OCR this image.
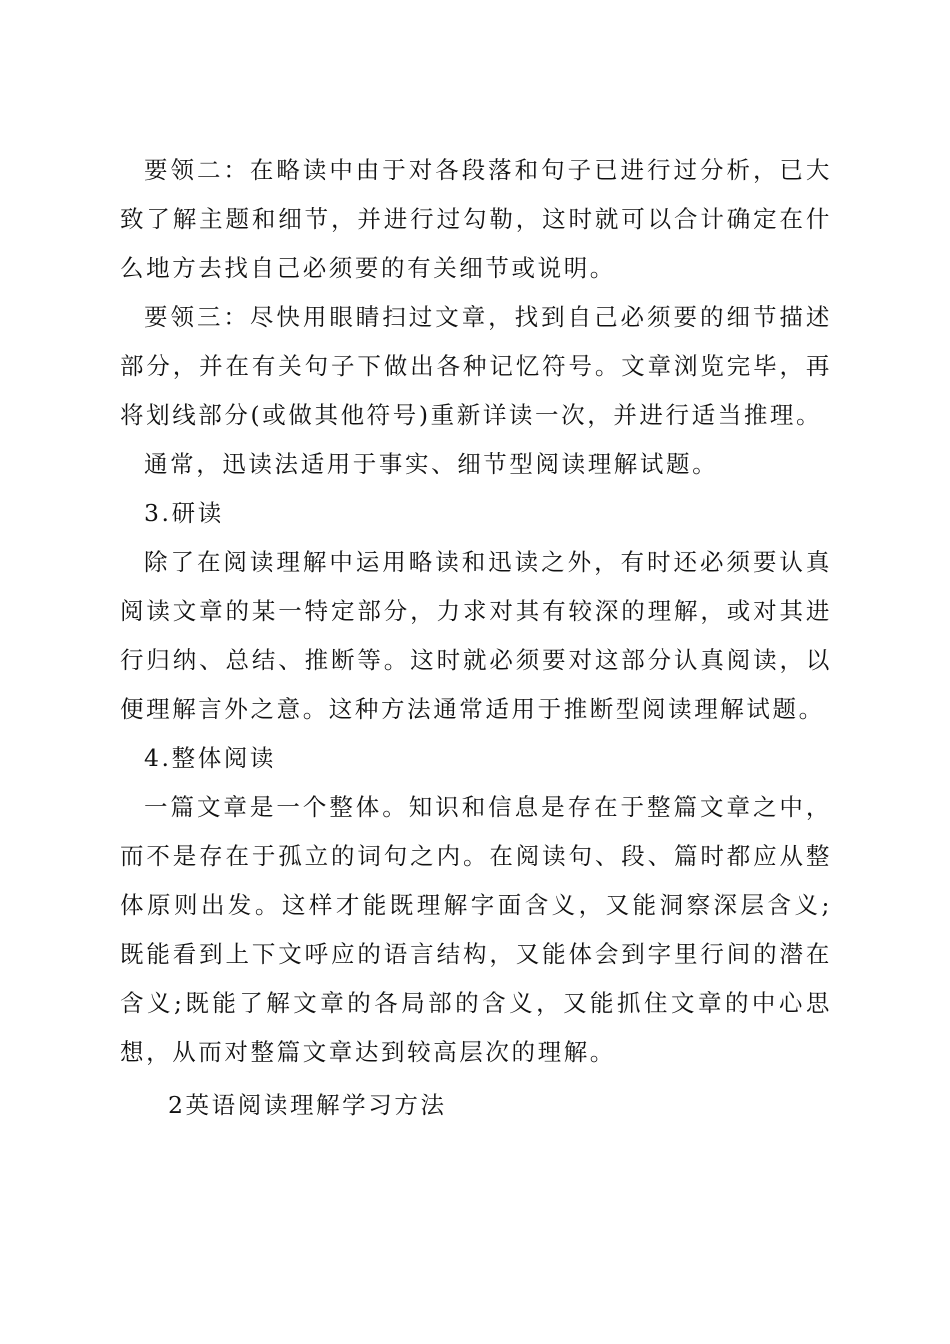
要领二：在略读中由于对各段落和句子已进行过分析，已大致了解主题和细节，并进行过勾勒，这时就可以合计确定在什么地方去找自己必须要的有关细节或说明。

要领三：尽快用眼睛扫过文章，找到自己必须要的细节描述部分，并在有关句子下做出各种记忆符号。文章浏览完毕，再将划线部分(或做其他符号)重新详读一次，并进行适当推理。

通常，迅读法适用于事实、细节型阅读理解试题。

3.研读

除了在阅读理解中运用略读和迅读之外，有时还必须要认真阅读文章的某一特定部分，力求对其有较深的理解，或对其进行归纳、总结、推断等。这时就必须要对这部分认真阅读，以便理解言外之意。这种方法通常适用于推断型阅读理解试题。

4.整体阅读

一篇文章是一个整体。知识和信息是存在于整篇文章之中，而不是存在于孤立的词句之内。在阅读句、段、篇时都应从整体原则出发。这样才能既理解字面含义，又能洞察深层含义;既能看到上下文呼应的语言结构，又能体会到字里行间的潜在含义;既能了解文章的各局部的含义，又能抓住文章的中心思想，从而对整篇文章达到较高层次的理解。

2英语阅读理解学习方法
